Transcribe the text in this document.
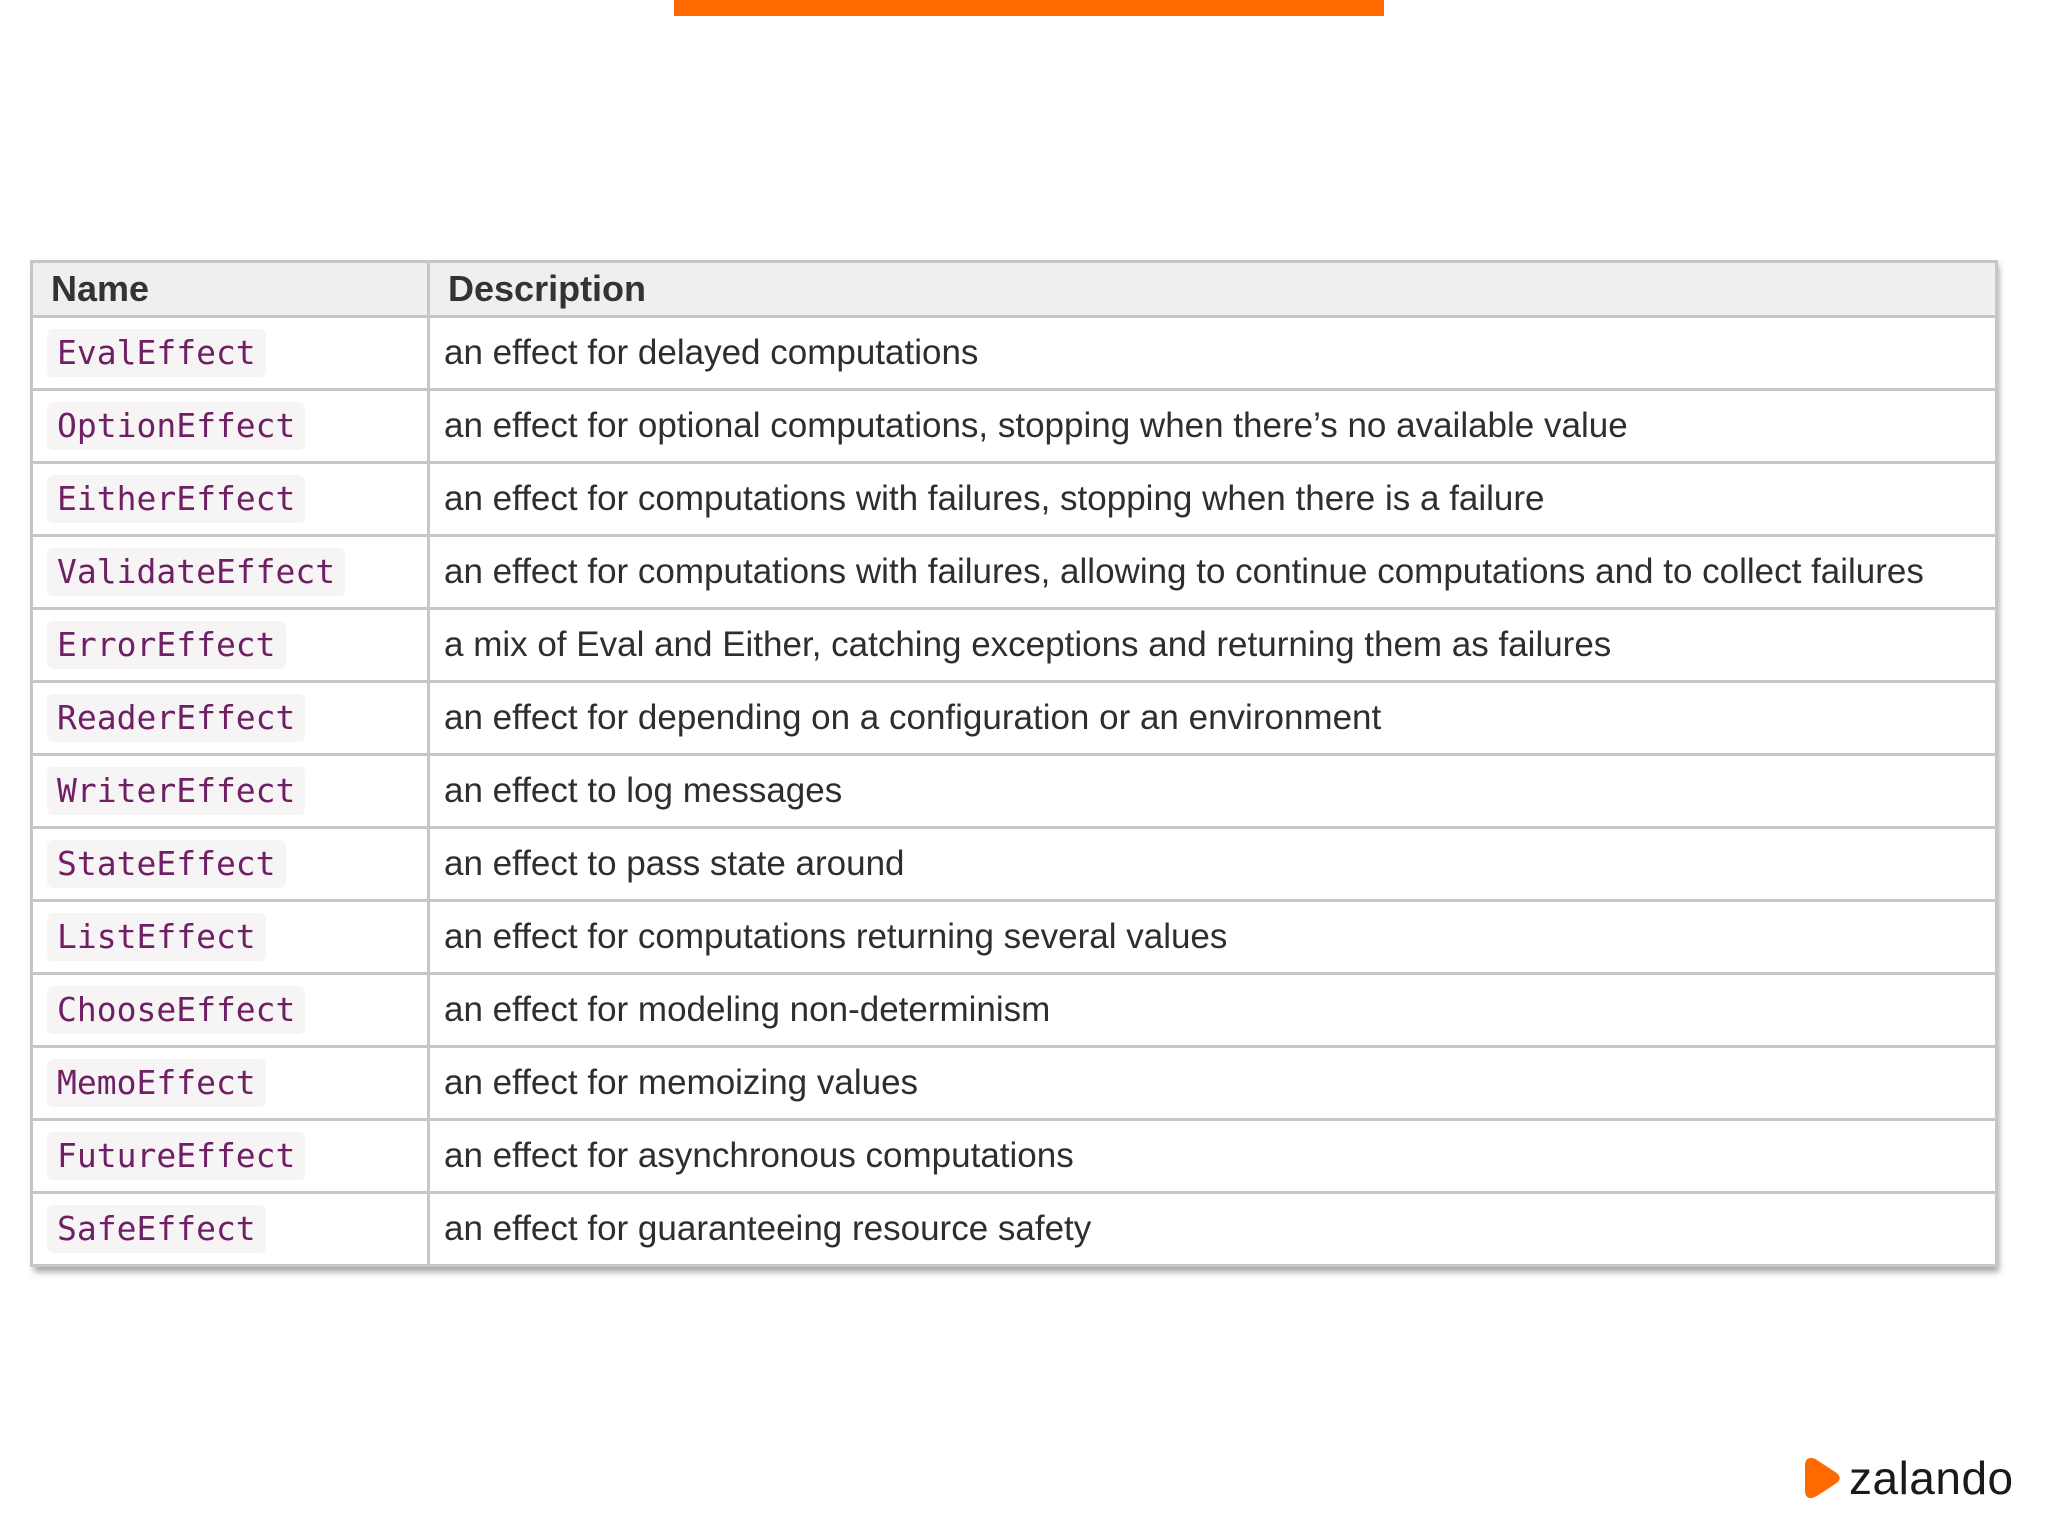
Name	Description
EvalEffect	an effect for delayed computations
OptionEffect	an effect for optional computations, stopping when there’s no available value
EitherEffect	an effect for computations with failures, stopping when there is a failure
ValidateEffect	an effect for computations with failures, allowing to continue computations and to collect failures
ErrorEffect	a mix of Eval and Either, catching exceptions and returning them as failures
ReaderEffect	an effect for depending on a configuration or an environment
WriterEffect	an effect to log messages
StateEffect	an effect to pass state around
ListEffect	an effect for computations returning several values
ChooseEffect	an effect for modeling non-determinism
MemoEffect	an effect for memoizing values
FutureEffect	an effect for asynchronous computations
SafeEffect	an effect for guaranteeing resource safety
zalando
